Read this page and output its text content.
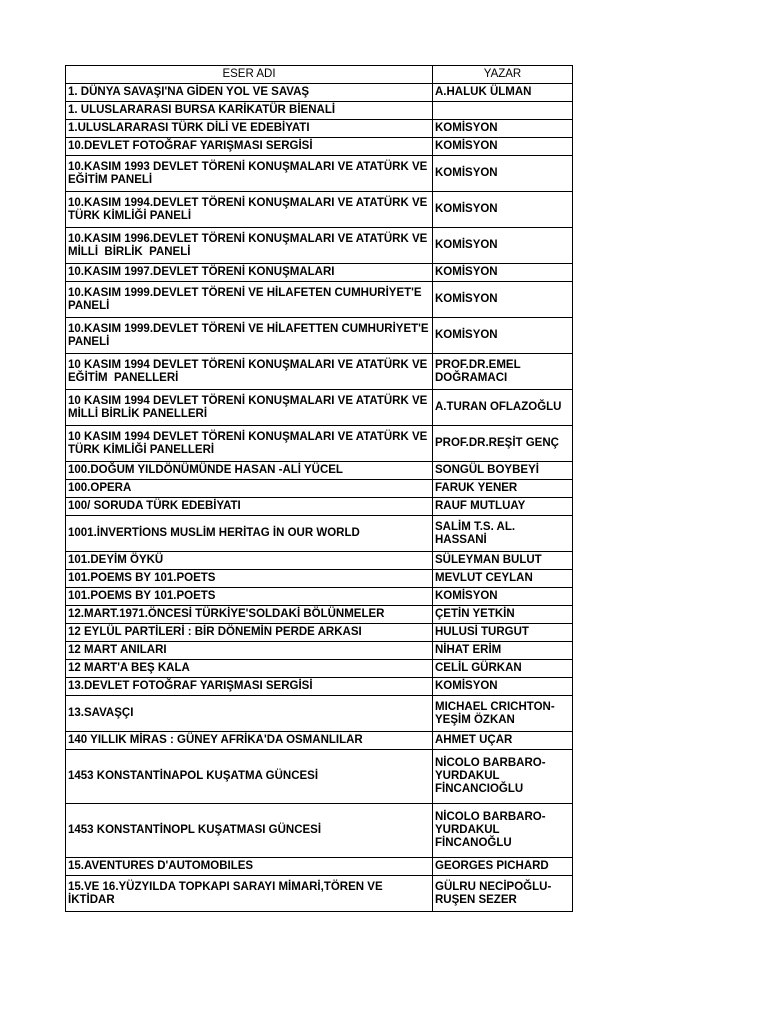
ESER ADI	YAZAR
1. DÜNYA SAVAŞI'NA GİDEN YOL VE SAVAŞ	A.HALUK ÜLMAN
1. ULUSLARARASI BURSA KARİKATÜR BİENALİ	
1.ULUSLARARASI TÜRK DİLİ VE EDEBİYATI	KOMİSYON
10.DEVLET FOTOĞRAF YARIŞMASI SERGİSİ	KOMİSYON
10.KASIM 1993 DEVLET TÖRENİ KONUŞMALARI VE ATATÜRK VE EĞİTİM PANELİ	KOMİSYON
10.KASIM 1994.DEVLET TÖRENİ KONUŞMALARI VE ATATÜRK VE TÜRK KİMLİĞİ PANELİ	KOMİSYON
10.KASIM 1996.DEVLET TÖRENİ KONUŞMALARI VE ATATÜRK VE MİLLİ  BİRLİK  PANELİ	KOMİSYON
10.KASIM 1997.DEVLET TÖRENİ KONUŞMALARI	KOMİSYON
10.KASIM 1999.DEVLET TÖRENİ VE HİLAFETEN CUMHURİYET'E PANELİ	KOMİSYON
10.KASIM 1999.DEVLET TÖRENİ VE HİLAFETTEN CUMHURİYET'E PANELİ	KOMİSYON
10 KASIM 1994 DEVLET TÖRENİ KONUŞMALARI VE ATATÜRK VE   EĞİTİM  PANELLERİ	PROF.DR.EMEL DOĞRAMACI
10 KASIM 1994 DEVLET TÖRENİ KONUŞMALARI VE ATATÜRK VE  MİLLİ BİRLİK PANELLERİ	A.TURAN OFLAZOĞLU
10 KASIM 1994 DEVLET TÖRENİ KONUŞMALARI VE ATATÜRK VE TÜRK KİMLİĞİ PANELLERİ	PROF.DR.REŞİT GENÇ
100.DOĞUM YILDÖNÜMÜNDE HASAN -ALİ YÜCEL	SONGÜL BOYBEYİ
100.OPERA	FARUK YENER
100/ SORUDA TÜRK EDEBİYATI	RAUF MUTLUAY
1001.İNVERTİONS MUSLİM HERİTAG İN OUR WORLD	SALİM T.S. AL. HASSANİ
101.DEYİM ÖYKÜ	SÜLEYMAN BULUT
101.POEMS BY 101.POETS	MEVLUT CEYLAN
101.POEMS BY 101.POETS	KOMİSYON
12.MART.1971.ÖNCESİ TÜRKİYE'SOLDAKİ BÖLÜNMELER	ÇETİN YETKİN
12 EYLÜL PARTİLERİ : BİR DÖNEMİN PERDE ARKASI	HULUSİ TURGUT
12 MART ANILARI	NİHAT ERİM
12 MART'A BEŞ KALA	CELİL GÜRKAN
13.DEVLET FOTOĞRAF YARIŞMASI SERGİSİ	KOMİSYON
13.SAVAŞÇI	MICHAEL CRICHTON-YEŞİM ÖZKAN
140 YILLIK MİRAS : GÜNEY AFRİKA'DA OSMANLILAR	AHMET UÇAR
1453 KONSTANTİNAPOL KUŞATMA GÜNCESİ	NİCOLO BARBARO-YURDAKUL FİNCANCIOĞLU
1453 KONSTANTİNOPL KUŞATMASI GÜNCESİ	NİCOLO BARBARO-YURDAKUL FİNCANOĞLU
15.AVENTURES D'AUTOMOBILES	GEORGES PICHARD
15.VE 16.YÜZYILDA TOPKAPI SARAYI MİMARİ,TÖREN VE İKTİDAR	GÜLRU NECİPOĞLU-RUŞEN SEZER
